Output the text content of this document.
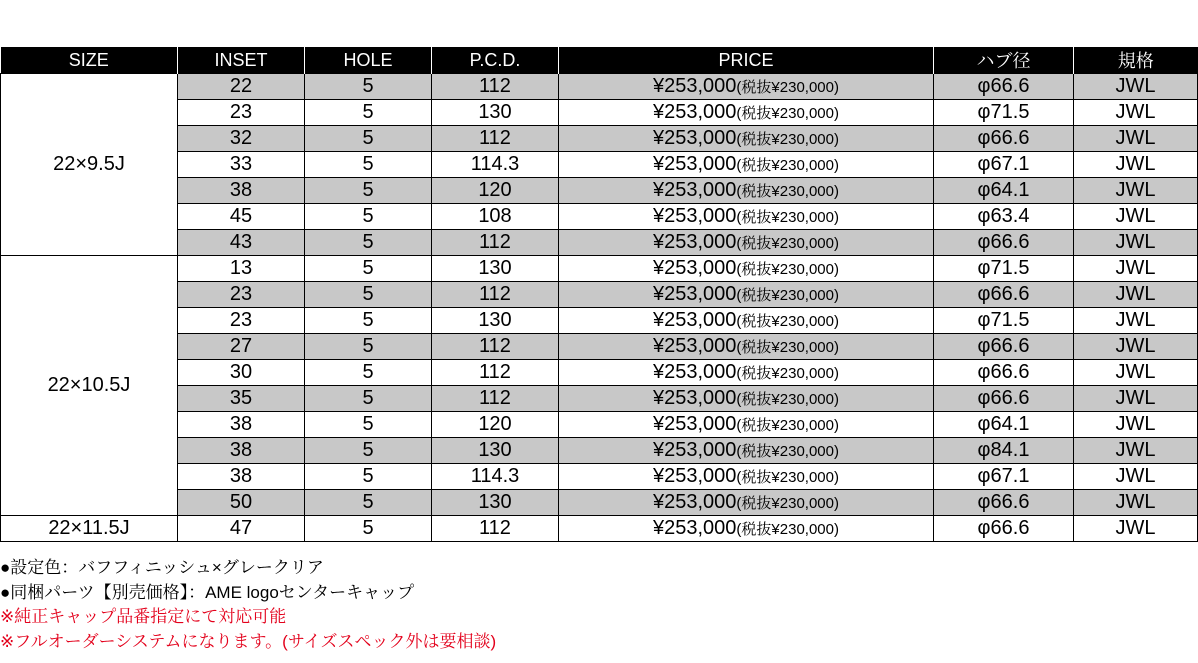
SIZE	INSET	HOLE	P.C.D.	PRICE	ハブ径	規格
22×9.5J	22	5	112	¥253,000(税抜¥230,000)	φ66.6	JWL
	23	5	130	¥253,000(税抜¥230,000)	φ71.5	JWL
	32	5	112	¥253,000(税抜¥230,000)	φ66.6	JWL
	33	5	114.3	¥253,000(税抜¥230,000)	φ67.1	JWL
	38	5	120	¥253,000(税抜¥230,000)	φ64.1	JWL
	45	5	108	¥253,000(税抜¥230,000)	φ63.4	JWL
	43	5	112	¥253,000(税抜¥230,000)	φ66.6	JWL
22×10.5J	13	5	130	¥253,000(税抜¥230,000)	φ71.5	JWL
	23	5	112	¥253,000(税抜¥230,000)	φ66.6	JWL
	23	5	130	¥253,000(税抜¥230,000)	φ71.5	JWL
	27	5	112	¥253,000(税抜¥230,000)	φ66.6	JWL
	30	5	112	¥253,000(税抜¥230,000)	φ66.6	JWL
	35	5	112	¥253,000(税抜¥230,000)	φ66.6	JWL
	38	5	120	¥253,000(税抜¥230,000)	φ64.1	JWL
	38	5	130	¥253,000(税抜¥230,000)	φ84.1	JWL
	38	5	114.3	¥253,000(税抜¥230,000)	φ67.1	JWL
	50	5	130	¥253,000(税抜¥230,000)	φ66.6	JWL
22×11.5J	47	5	112	¥253,000(税抜¥230,000)	φ66.6	JWL
●設定色：バフフィニッシュ×グレークリア
●同梱パーツ【別売価格】：AME logoセンターキャップ
※純正キャップ品番指定にて対応可能
※フルオーダーシステムになります。(サイズスペック外は要相談)
